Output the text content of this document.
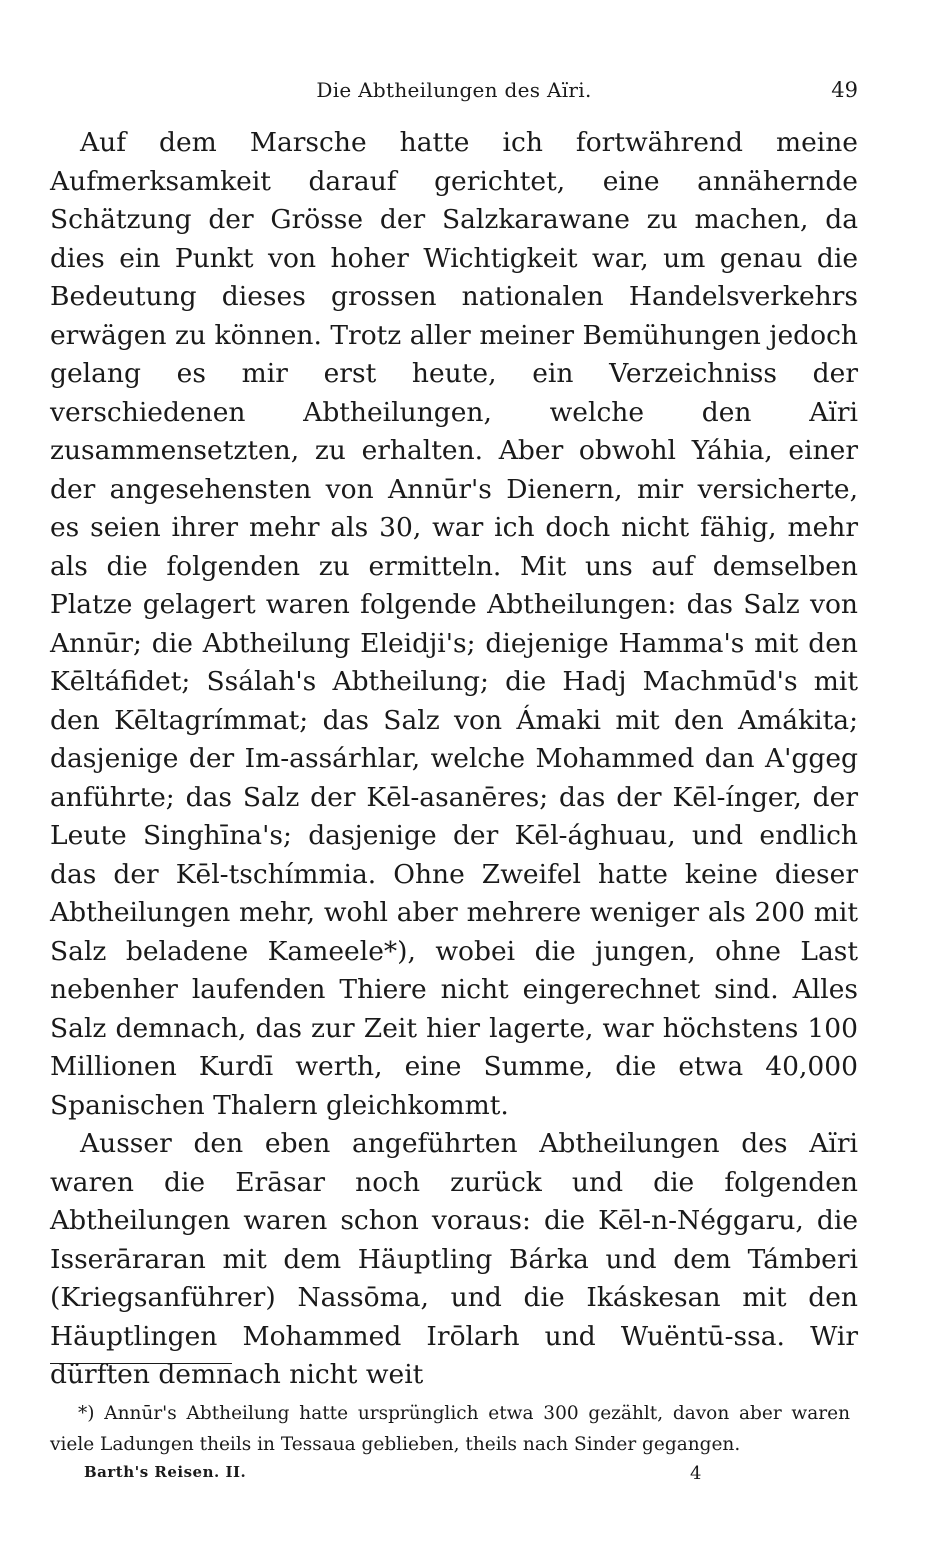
Die Abtheilungen des Aïri.	49

Auf dem Marsche hatte ich fortwährend meine Aufmerksamkeit darauf gerichtet, eine annähernde Schätzung der Grösse der Salzkarawane zu machen, da dies ein Punkt von hoher Wichtigkeit war, um genau die Bedeutung dieses grossen nationalen Handelsverkehrs erwägen zu können. Trotz aller meiner Bemühungen jedoch gelang es mir erst heute, ein Verzeichniss der verschiedenen Abtheilungen, welche den Aïri zusammensetzten, zu erhalten. Aber obwohl Yáhia, einer der angesehensten von Annūr's Dienern, mir versicherte, es seien ihrer mehr als 30, war ich doch nicht fähig, mehr als die folgenden zu ermitteln. Mit uns auf demselben Platze gelagert waren folgende Abtheilungen: das Salz von Annūr; die Abtheilung Eleidji's; diejenige Hamma's mit den Kēltáfidet; Ssálah's Abtheilung; die Hadj Machmūd's mit den Kēltagrímmat; das Salz von Ámaki mit den Amákita; dasjenige der Im-assárhlar, welche Mohammed dan A'ggeg anführte; das Salz der Kēl-asanēres; das der Kēl-ínger, der Leute Singhīna's; dasjenige der Kēl-ághuau, und endlich das der Kēl-tschímmia. Ohne Zweifel hatte keine dieser Abtheilungen mehr, wohl aber mehrere weniger als 200 mit Salz beladene Kameele*), wobei die jungen, ohne Last nebenher laufenden Thiere nicht eingerechnet sind. Alles Salz demnach, das zur Zeit hier lagerte, war höchstens 100 Millionen Kurdī werth, eine Summe, die etwa 40,000 Spanischen Thalern gleichkommt.

Ausser den eben angeführten Abtheilungen des Aïri waren die Erāsar noch zurück und die folgenden Abtheilungen waren schon voraus: die Kēl-n-Néggaru, die Isserāraran mit dem Häuptling Bárka und dem Támberi (Kriegsanführer) Nassōma, und die Ikáskesan mit den Häuptlingen Mohammed Irōlarh und Wuëntū-ssa. Wir dürften demnach nicht weit

*) Annūr's Abtheilung hatte ursprünglich etwa 300 gezählt, davon aber waren viele Ladungen theils in Tessaua geblieben, theils nach Sinder gegangen.

Barth's Reisen. II.	4
